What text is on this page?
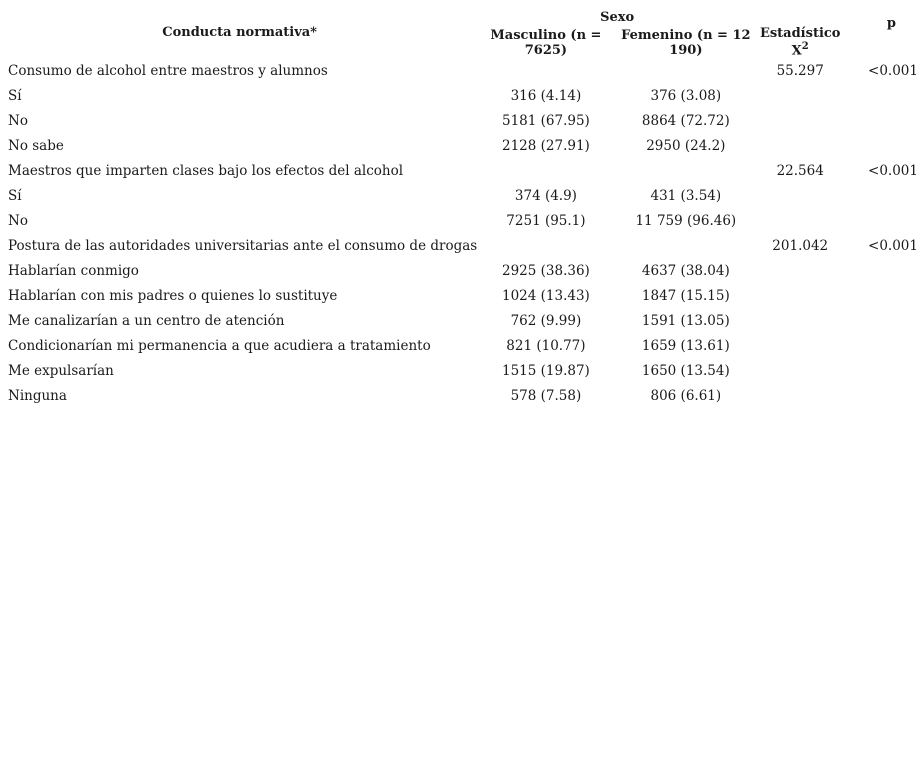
Conducta normativa*	Sexo		Estadístico $X^2$	p
	Masculino (n = 7625)	Femenino (n = 12 190)		
Consumo de alcohol entre maestros y alumnos			55.297	<0.001
Sí	316 (4.14)	376 (3.08)		
No	5181 (67.95)	8864 (72.72)		
No sabe	2128 (27.91)	2950 (24.2)		
Maestros que imparten clases bajo los efectos del alcohol			22.564	<0.001
Sí	374 (4.9)	431 (3.54)		
No	7251 (95.1)	11 759 (96.46)		
Postura de las autoridades universitarias ante el consumo de drogas			201.042	<0.001
Hablarían conmigo	2925 (38.36)	4637 (38.04)		
Hablarían con mis padres o quienes lo sustituye	1024 (13.43)	1847 (15.15)		
Me canalizarían a un centro de atención	762 (9.99)	1591 (13.05)		
Condicionarían mi permanencia a que acudiera a tratamiento	821 (10.77)	1659 (13.61)		
Me expulsarían	1515 (19.87)	1650 (13.54)		
Ninguna	578 (7.58)	806 (6.61)		
